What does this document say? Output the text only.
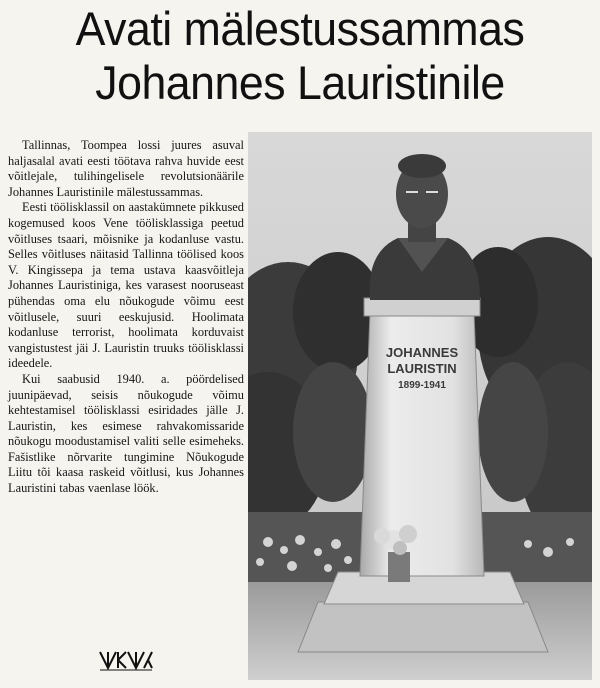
Avati mälestussammas
Johannes Lauristinile

Tallinnas, Toompea lossi juures asuval haljasalal avati eesti töötava rahva huvide eest võitlejale, tulihingelisele revolutsionäärile Johannes Lauristinile mälestussammas.

Eesti töölisklassil on aastakümnete pikkused kogemused koos Vene töölisklassiga peetud võitluses tsaari, mõisnike ja kodanluse vastu. Selles võitluses näitasid Tallinna töölised koos V. Kingissepa ja tema ustava kaasvõitleja Johannes Lauristiniga, kes varasest nooruseast pühendas oma elu nõukogude võimu eest võitlusele, suuri eeskujusid. Hoolimata kodanluse terrorist, hoolimata korduvaist vangistustest jäi J. Lauristin truuks töölisklassi ideedele.

Kui saabusid 1940. a. pöördelised juunipäevad, seisis nõukogude võimu kehtestamisel töölisklassi esiridades jälle J. Lauristin, kes esimese rahvakomissaride nõukogu moodustamisel valiti selle esimeheks. Fašistlike nõrvarite tungimine Nõukogude Liitu tõi kaasa raskeid võitlusi, kus Johannes Lauristini tabas vaenlase löök.

JOHANNES
LAURISTIN
1899-1941
